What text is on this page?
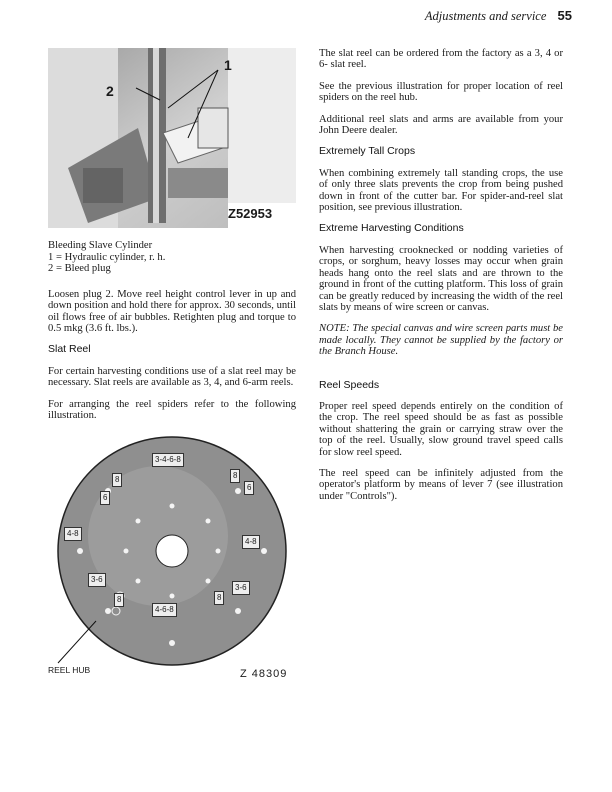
Adjustments and service 55
1
2
Z52953
Bleeding Slave Cylinder
1 = Hydraulic cylinder, r. h.
2 = Bleed plug

Loosen plug 2. Move reel height control lever in up and down position and hold there for approx. 30 seconds, until oil flows free of air bubbles. Retighten plug and torque to 0.5 mkg (3.6 ft. lbs.).

Slat Reel

For certain harvesting conditions use of a slat reel may be necessary. Slat reels are available as 3, 4, and 6-arm reels.

For arranging the reel spiders refer to the following illustration.

3-4-6-8
8	8
6
6
4-8
4-8
3-6
3-6
8	8
4-6-8
REEL HUB	Z 48309

The slat reel can be ordered from the factory as a 3, 4 or 6- slat reel.

See the previous illustration for proper location of reel spiders on the reel hub.

Additional reel slats and arms are available from your John Deere dealer.

Extremely Tall Crops

When combining extremely tall standing crops, the use of only three slats prevents the crop from being pushed down in front of the cutter bar. For spider-and-reel slat position, see previous illustration.

Extreme Harvesting Conditions

When harvesting crooknecked or nodding varieties of crops, or sorghum, heavy losses may occur when grain heads hang onto the reel slats and are thrown to the ground in front of the cutting platform. This loss of grain can be greatly reduced by increasing the width of the reel slats by means of wire screen or canvas.

NOTE: The special canvas and wire screen parts must be made locally. They cannot be supplied by the factory or the Branch House.

Reel Speeds

Proper reel speed depends entirely on the condition of the crop. The reel speed should be as fast as possible without shattering the grain or carrying straw over the top of the reel. Usually, slow ground travel speed calls for slow reel speed.

The reel speed can be infinitely adjusted from the operator's platform by means of lever 7 (see illustration under "Controls").
